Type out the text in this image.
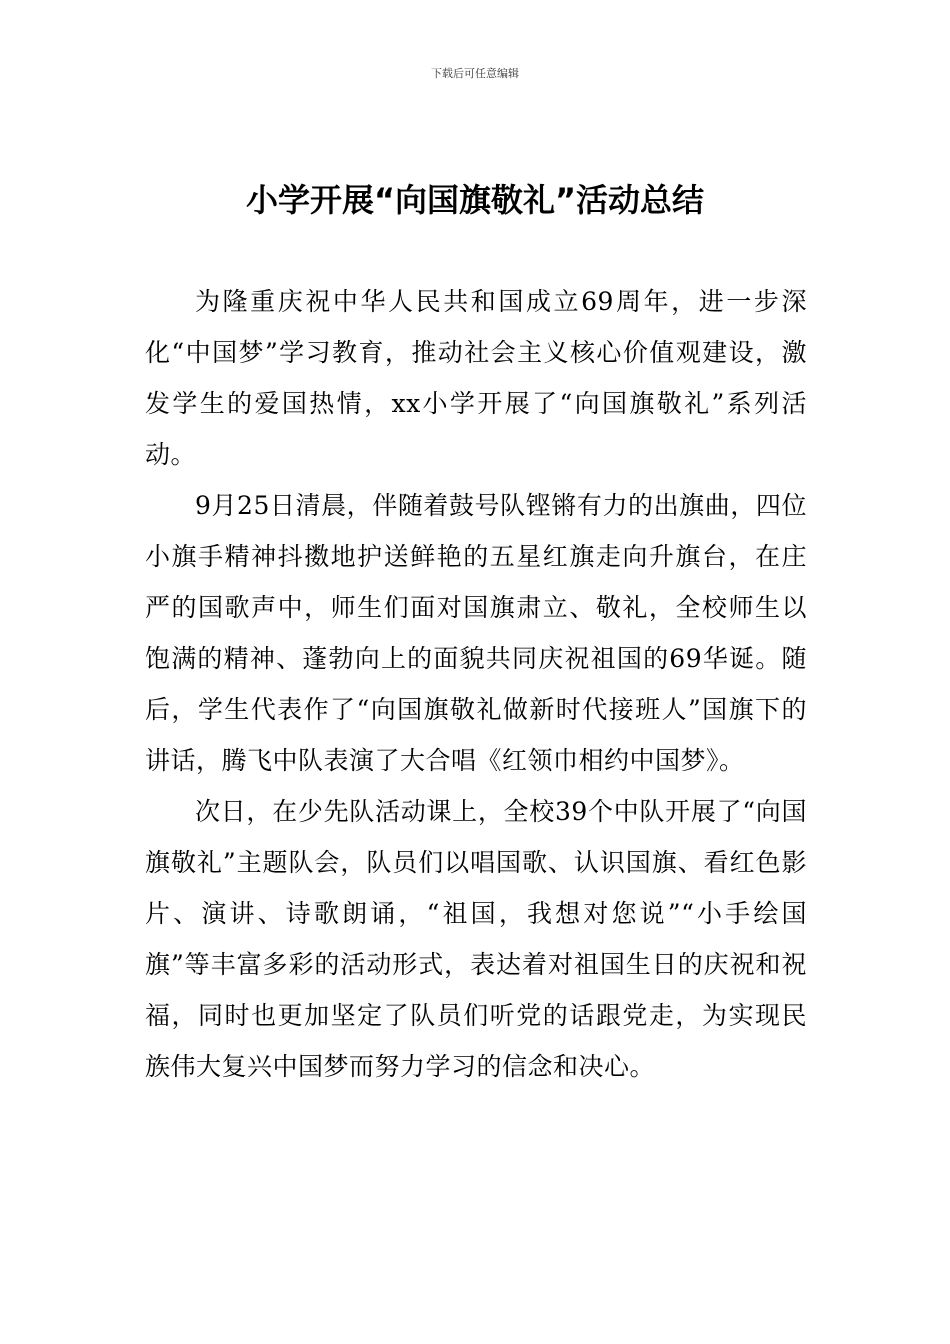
下载后可任意编辑
小学开展“向国旗敬礼”活动总结

为隆重庆祝中华人民共和国成立69周年，进一步深化“中国梦”学习教育，推动社会主义核心价值观建设，激发学生的爱国热情，xx小学开展了“向国旗敬礼”系列活动。

9月25日清晨，伴随着鼓号队铿锵有力的出旗曲，四位小旗手精神抖擞地护送鲜艳的五星红旗走向升旗台，在庄严的国歌声中，师生们面对国旗肃立、敬礼，全校师生以饱满的精神、蓬勃向上的面貌共同庆祝祖国的69华诞。随后，学生代表作了“向国旗敬礼做新时代接班人”国旗下的讲话，腾飞中队表演了大合唱《红领巾相约中国梦》。

次日，在少先队活动课上，全校39个中队开展了“向国旗敬礼”主题队会，队员们以唱国歌、认识国旗、看红色影片、演讲、诗歌朗诵，“祖国，我想对您说”“小手绘国旗”等丰富多彩的活动形式，表达着对祖国生日的庆祝和祝福，同时也更加坚定了队员们听党的话跟党走，为实现民族伟大复兴中国梦而努力学习的信念和决心。
